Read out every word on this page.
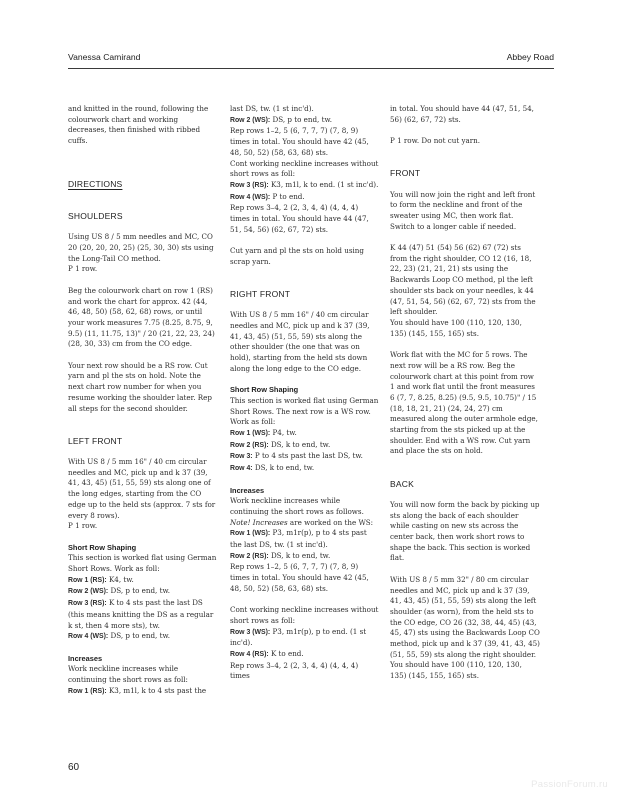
Vanessa Camirand	Abbey Road

and knitted in the round, following the colourwork chart and working decreases, then finished with ribbed cuffs.

DIRECTIONS

SHOULDERS

Using US 8 / 5 mm needles and MC, CO 20 (20, 20, 20, 25) (25, 30, 30) sts using the Long-Tail CO method.

P 1 row.

Beg the colourwork chart on row 1 (RS) and work the chart for approx. 42 (44, 46, 48, 50) (58, 62, 68) rows, or until your work measures 7.75 (8.25, 8.75, 9, 9.5) (11, 11.75, 13)" / 20 (21, 22, 23, 24) (28, 30, 33) cm from the CO edge.

Your next row should be a RS row. Cut yarn and pl the sts on hold. Note the next chart row number for when you resume working the shoulder later. Rep all steps for the second shoulder.

LEFT FRONT

With US 8 / 5 mm 16" / 40 cm circular needles and MC, pick up and k 37 (39, 41, 43, 45) (51, 55, 59) sts along one of the long edges, starting from the CO edge up to the held sts (approx. 7 sts for every 8 rows).

P 1 row.

Short Row Shaping

This section is worked flat using German Short Rows. Work as foll:

Row 1 (RS): K4, tw.

Row 2 (WS): DS, p to end, tw.

Row 3 (RS): K to 4 sts past the last DS (this means knitting the DS as a regular k st, then 4 more sts), tw.

Row 4 (WS): DS, p to end, tw.

Increases

Work neckline increases while continuing the short rows as foll:

Row 1 (RS): K3, m1l, k to 4 sts past the

last DS, tw. (1 st inc'd).

Row 2 (WS): DS, p to end, tw.

Rep rows 1–2, 5 (6, 7, 7, 7) (7, 8, 9) times in total. You should have 42 (45, 48, 50, 52) (58, 63, 68) sts.

Cont working neckline increases without short rows as foll:

Row 3 (RS): K3, m1l, k to end. (1 st inc'd).

Row 4 (WS): P to end.

Rep rows 3–4, 2 (2, 3, 4, 4) (4, 4, 4) times in total. You should have 44 (47, 51, 54, 56) (62, 67, 72) sts.

Cut yarn and pl the sts on hold using scrap yarn.

RIGHT FRONT

With US 8 / 5 mm 16" / 40 cm circular needles and MC, pick up and k 37 (39, 41, 43, 45) (51, 55, 59) sts along the other shoulder (the one that was on hold), starting from the held sts down along the long edge to the CO edge.

Short Row Shaping

This section is worked flat using German Short Rows. The next row is a WS row. Work as foll:

Row 1 (WS): P4, tw.

Row 2 (RS): DS, k to end, tw.

Row 3: P to 4 sts past the last DS, tw.

Row 4: DS, k to end, tw.

Increases

Work neckline increases while continuing the short rows as follows. Note! Increases are worked on the WS:

Row 1 (WS): P3, m1r(p), p to 4 sts past the last DS, tw. (1 st inc'd).

Row 2 (RS): DS, k to end, tw.

Rep rows 1–2, 5 (6, 7, 7, 7) (7, 8, 9) times in total. You should have 42 (45, 48, 50, 52) (58, 63, 68) sts.

Cont working neckline increases without short rows as foll:

Row 3 (WS): P3, m1r(p), p to end. (1 st inc'd).

Row 4 (RS): K to end.

Rep rows 3–4, 2 (2, 3, 4, 4) (4, 4, 4) times

in total. You should have 44 (47, 51, 54, 56) (62, 67, 72) sts.

P 1 row. Do not cut yarn.

FRONT

You will now join the right and left front to form the neckline and front of the sweater using MC, then work flat. Switch to a longer cable if needed.

K 44 (47) 51 (54) 56 (62) 67 (72) sts from the right shoulder, CO 12 (16, 18, 22, 23) (21, 21, 21) sts using the Backwards Loop CO method, pl the left shoulder sts back on your needles, k 44 (47, 51, 54, 56) (62, 67, 72) sts from the left shoulder.

You should have 100 (110, 120, 130, 135) (145, 155, 165) sts.

Work flat with the MC for 5 rows. The next row will be a RS row. Beg the colourwork chart at this point from row 1 and work flat until the front measures 6 (7, 7, 8.25, 8.25) (9.5, 9.5, 10.75)" / 15 (18, 18, 21, 21) (24, 24, 27) cm measured along the outer armhole edge, starting from the sts picked up at the shoulder. End with a WS row. Cut yarn and place the sts on hold.

BACK

You will now form the back by picking up sts along the back of each shoulder while casting on new sts across the center back, then work short rows to shape the back. This section is worked flat.

With US 8 / 5 mm 32" / 80 cm circular needles and MC, pick up and k 37 (39, 41, 43, 45) (51, 55, 59) sts along the left shoulder (as worn), from the held sts to the CO edge, CO 26 (32, 38, 44, 45) (43, 45, 47) sts using the Backwards Loop CO method, pick up and k 37 (39, 41, 43, 45) (51, 55, 59) sts along the right shoulder. You should have 100 (110, 120, 130, 135) (145, 155, 165) sts.

60
PassionForum.ru
